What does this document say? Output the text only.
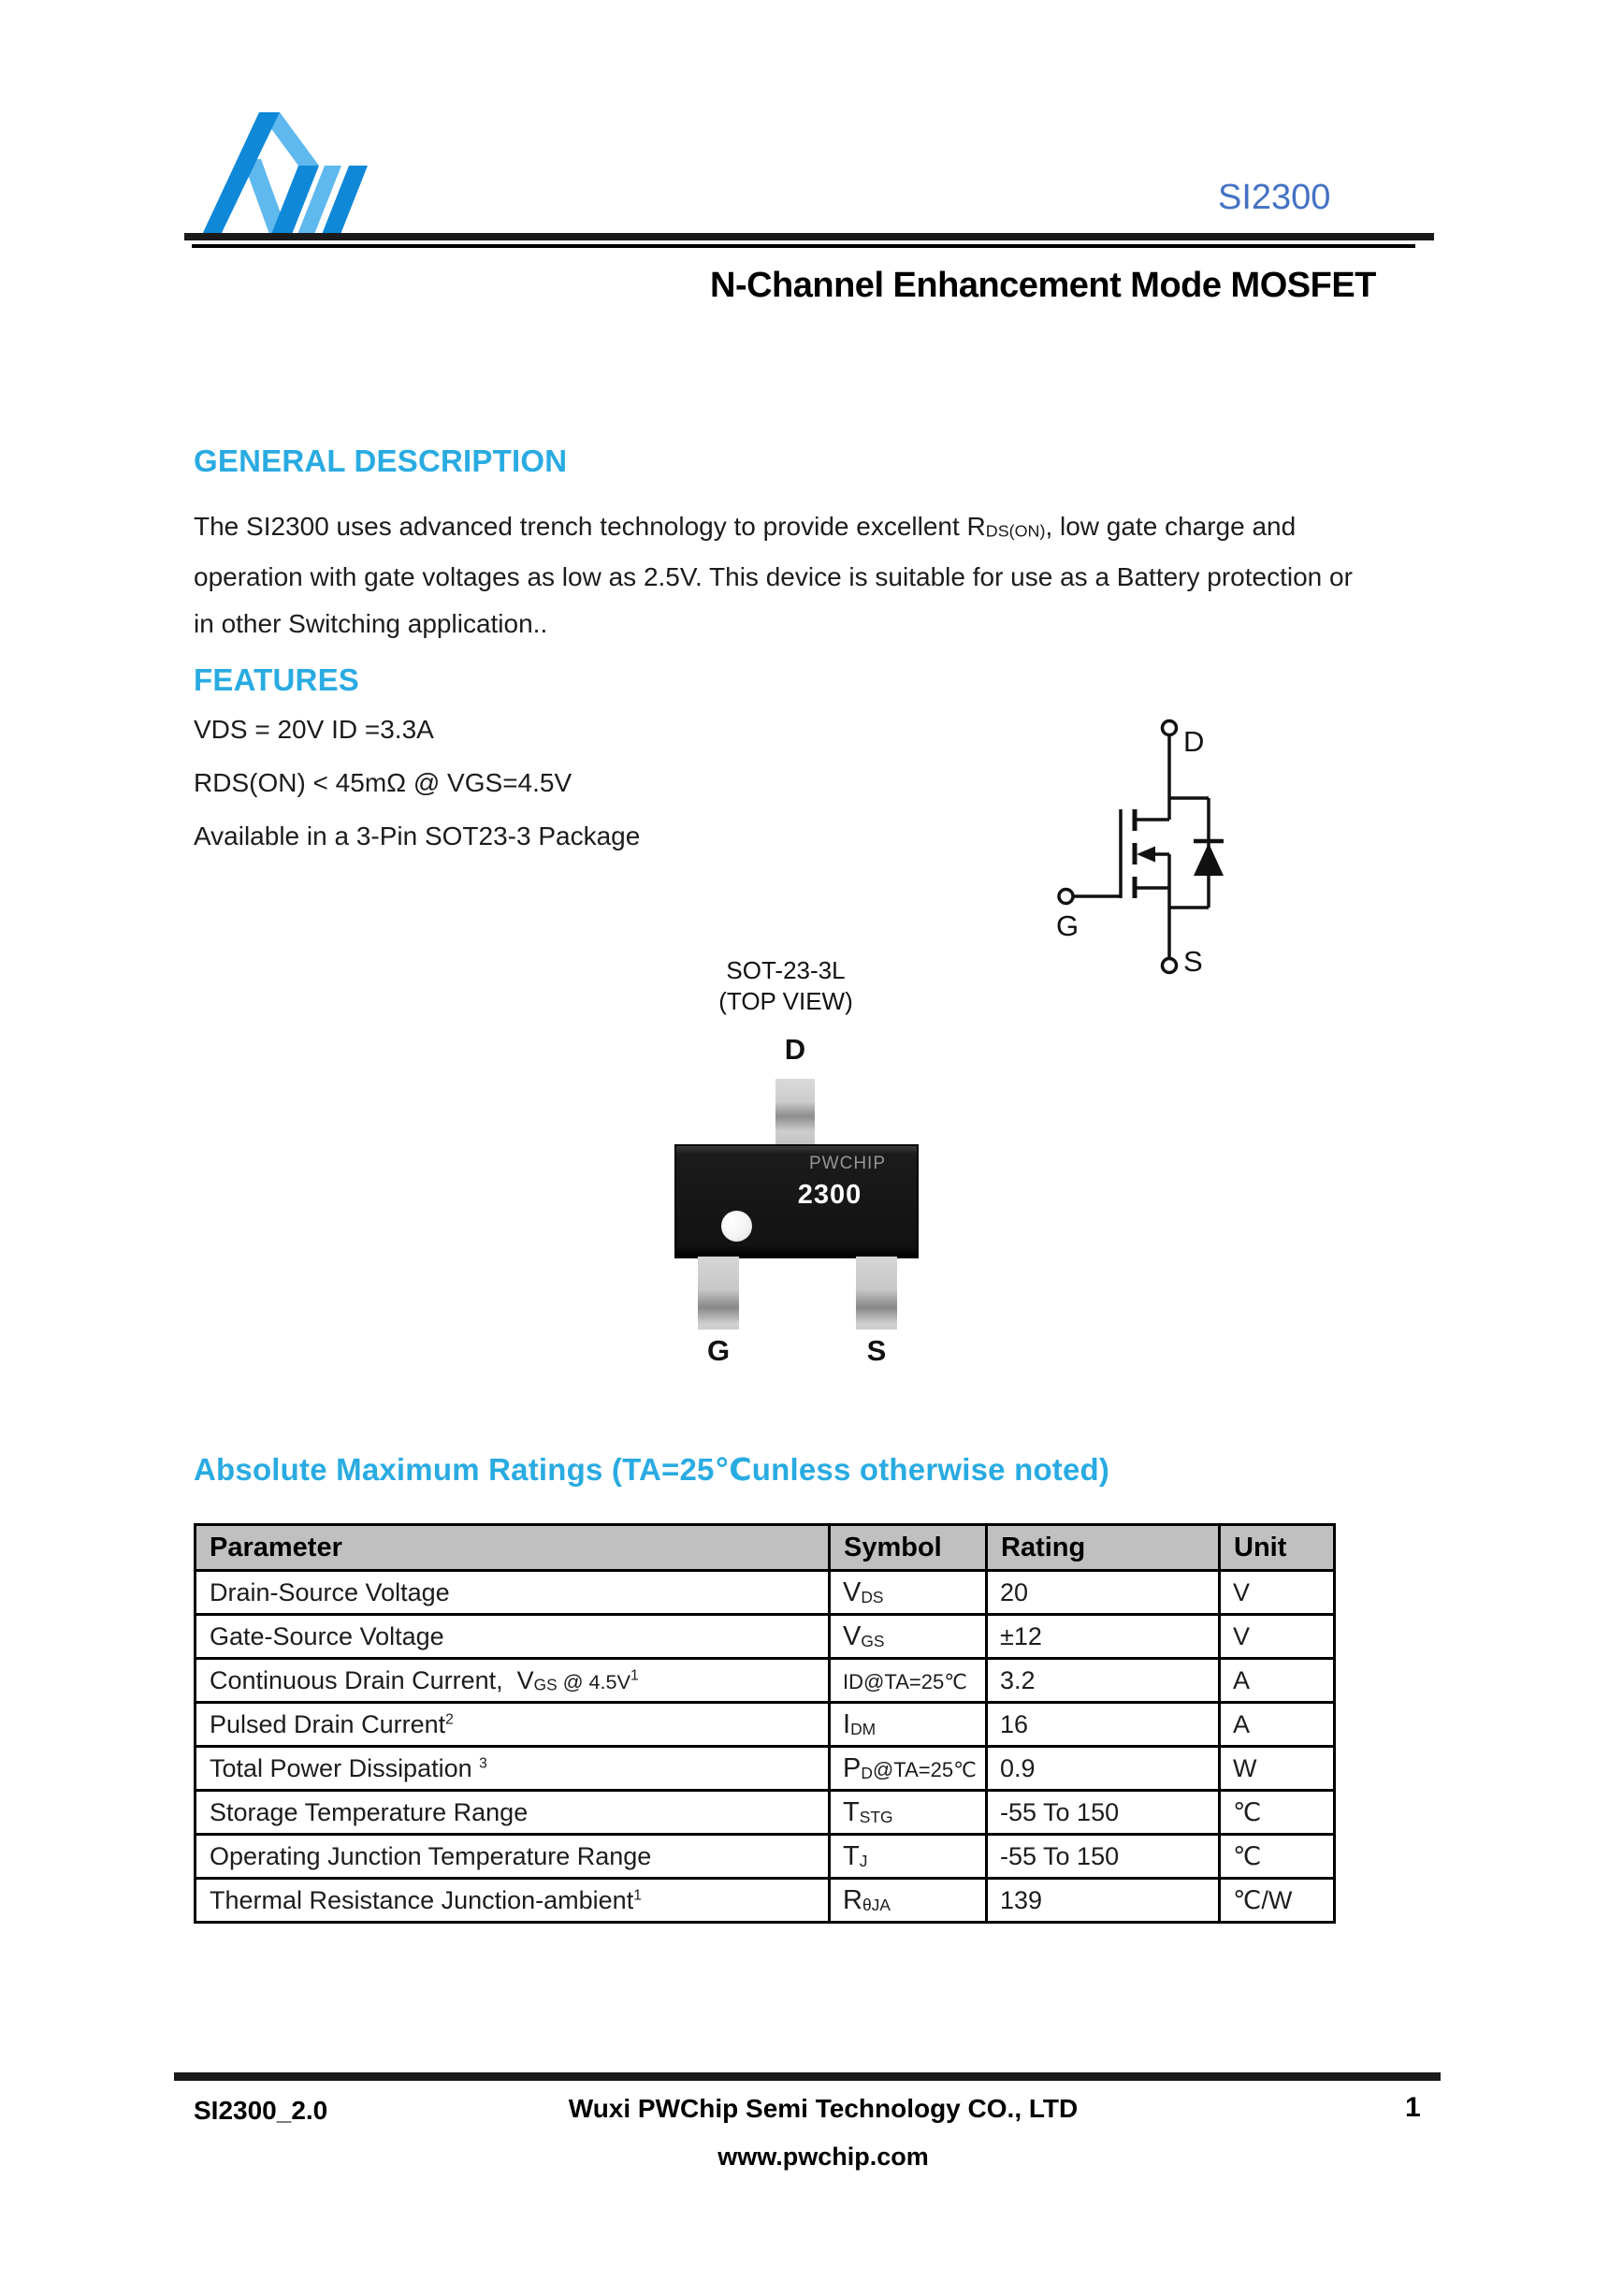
SI2300
N-Channel Enhancement Mode MOSFET
GENERAL DESCRIPTION
The SI2300 uses advanced trench technology to provide excellent RDS(ON), low gate charge and
operation with gate voltages as low as 2.5V. This device is suitable for use as a Battery protection or
in other Switching application..
FEATURES
VDS = 20V ID =3.3A
RDS(ON) < 45mΩ @ VGS=4.5V
Available in a 3-Pin SOT23-3 Package
D
G
S
SOT-23-3L
(TOP VIEW)
D
PWCHIP
2300
G	S
Absolute Maximum Ratings (TA=25℃unless otherwise noted)
Parameter	Symbol	Rating	Unit
Drain-Source Voltage	VDS	20	V
Gate-Source Voltage	VGS	±12	V
Continuous Drain Current,  VGS @ $4.5V^1$	ID@TA=25℃	3.2	A
Pulsed Drain Current$^2$	IDM	16	A
Total Power Dissipation $^3$	PD@TA=25℃	0.9	W
Storage Temperature Range	TSTG	-55 To 150	℃
Operating Junction Temperature Range	TJ	-55 To 150	℃
Thermal Resistance Junction-ambient$^1$	RθJA	139	℃/W
SI2300_2.0	Wuxi PWChip Semi Technology CO., LTD
www.pwchip.com
1
